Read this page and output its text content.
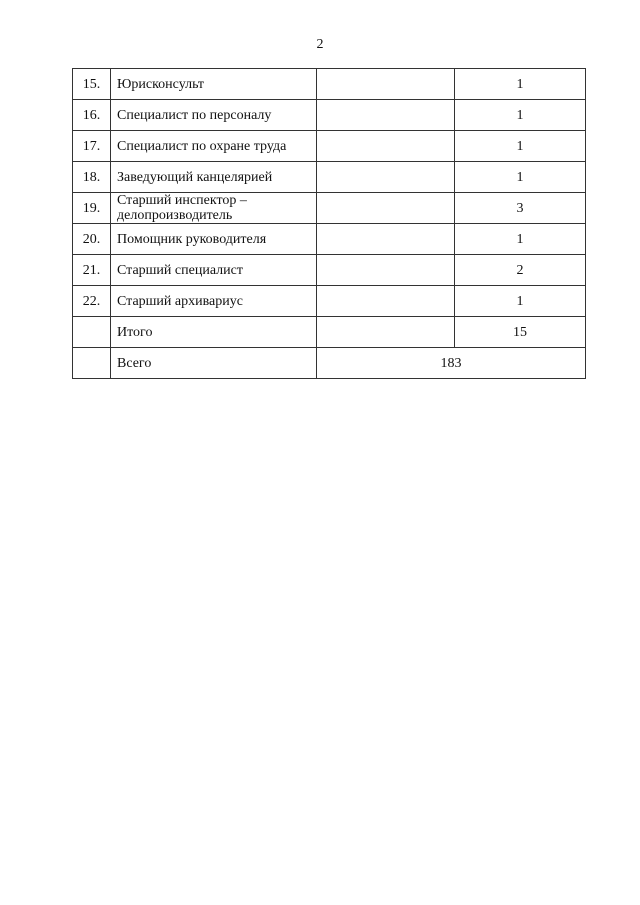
2
15.	Юрисконсульт		1
16.	Специалист по персоналу		1
17.	Специалист по охране труда		1
18.	Заведующий канцелярией		1
19.	Старший инспектор – делопроизводитель		3
20.	Помощник руководителя		1
21.	Старший специалист		2
22.	Старший архивариус		1
	Итого		15
	Всего	183	
